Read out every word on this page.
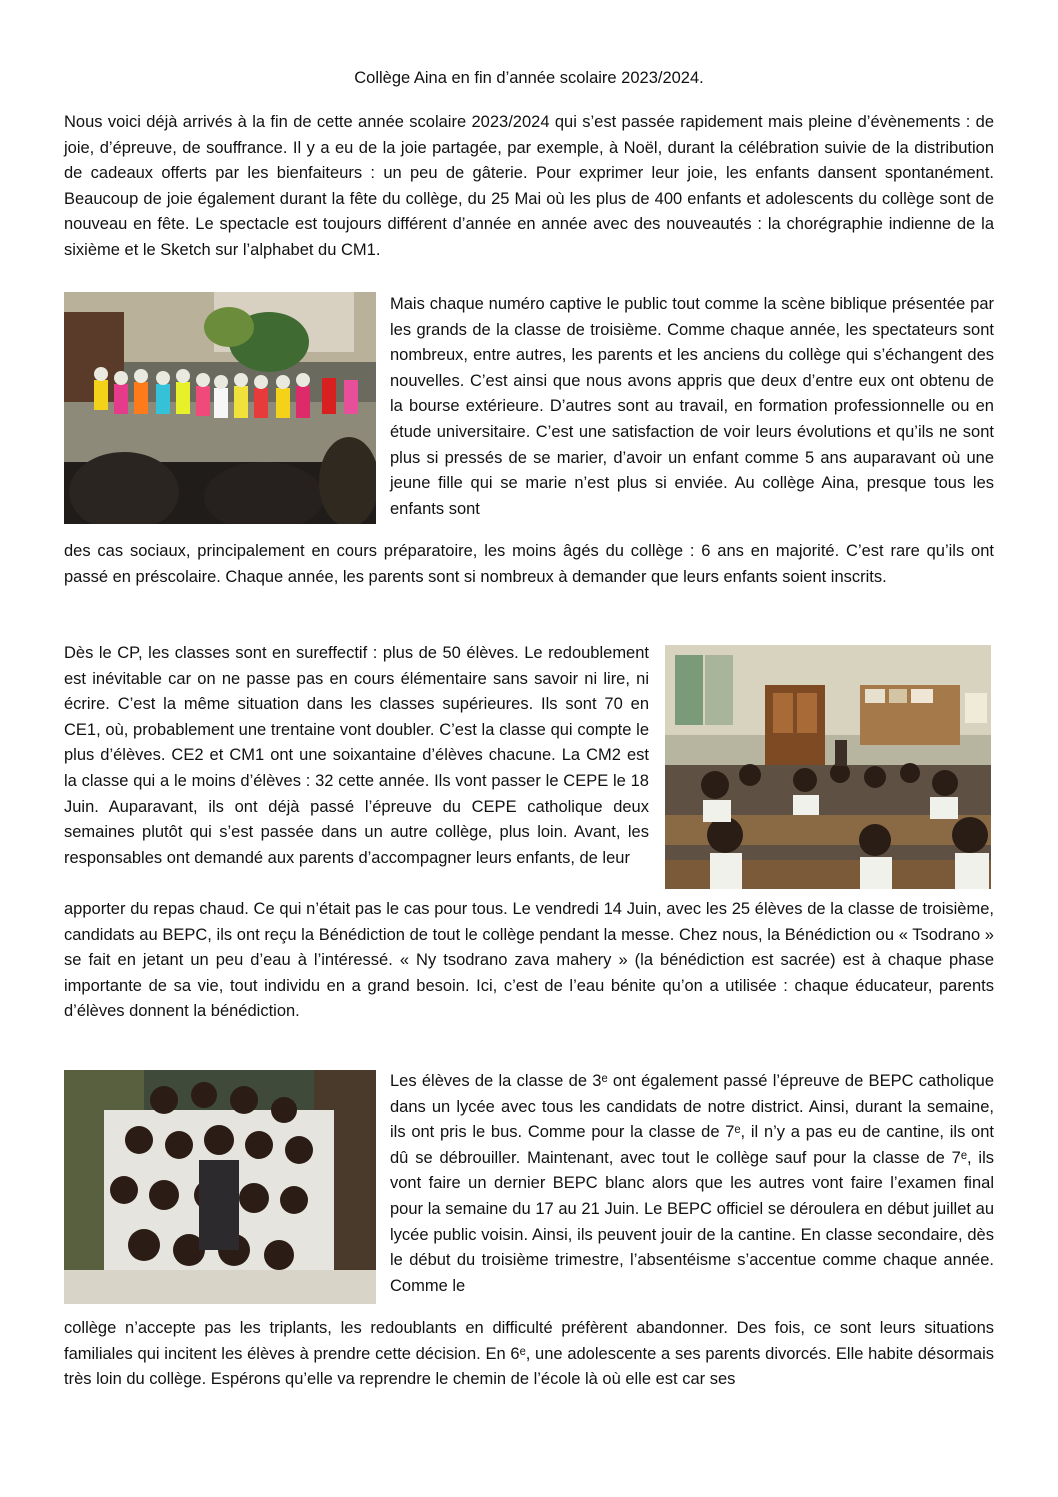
Collège Aina en fin d’année scolaire 2023/2024.
Nous voici déjà arrivés à la fin de cette année scolaire 2023/2024 qui s’est passée rapidement mais pleine d’évènements : de joie, d’épreuve, de souffrance. Il y a eu de la joie partagée, par exemple, à Noël, durant la célébration suivie de la distribution de cadeaux offerts par les bienfaiteurs : un peu de gâterie. Pour exprimer leur joie, les enfants dansent spontanément. Beaucoup de joie également durant la fête du collège, du 25 Mai où les plus de 400 enfants et adolescents du collège sont de nouveau en fête. Le spectacle est toujours différent d’année en année avec des nouveautés : la chorégraphie indienne de la sixième et le Sketch sur l’alphabet du CM1.
Mais chaque numéro captive le public tout comme la scène biblique présentée par les grands de la classe de troisième. Comme chaque année, les spectateurs sont nombreux, entre autres, les parents et les anciens du collège qui s’échangent des nouvelles. C’est ainsi que nous avons appris que deux d’entre eux ont obtenu de la bourse extérieure. D’autres sont au travail, en formation professionnelle ou en étude universitaire. C’est une satisfaction de voir leurs évolutions et qu’ils ne sont plus si pressés de se marier, d’avoir un enfant comme 5 ans auparavant où une jeune fille qui se marie n’est plus si enviée. Au collège Aina, presque tous les enfants sont
des cas sociaux, principalement en cours préparatoire, les moins âgés du collège : 6 ans en majorité. C’est rare qu’ils ont passé en préscolaire. Chaque année, les parents sont si nombreux à demander que leurs enfants soient inscrits.
Dès le CP, les classes sont en sureffectif : plus de 50 élèves. Le redoublement est inévitable car on ne passe pas en cours élémentaire sans savoir ni lire, ni écrire. C’est la même situation dans les classes supérieures. Ils sont 70 en CE1, où, probablement une trentaine vont doubler. C’est la classe qui compte le plus d’élèves. CE2 et CM1 ont une soixantaine d’élèves chacune. La CM2 est la classe qui a le moins d’élèves : 32 cette année. Ils vont passer le CEPE le 18 Juin. Auparavant, ils ont déjà passé l’épreuve du CEPE catholique deux semaines plutôt qui s’est passée dans un autre collège, plus loin. Avant, les responsables ont demandé aux parents d’accompagner leurs enfants, de leur
apporter du repas chaud. Ce qui n’était pas le cas pour tous. Le vendredi 14 Juin, avec les 25 élèves de la classe de troisième, candidats au BEPC, ils ont reçu la Bénédiction de tout le collège pendant la messe. Chez nous, la Bénédiction ou « Tsodrano » se fait en jetant un peu d’eau à l’intéressé. « Ny tsodrano zava mahery » (la bénédiction est sacrée) est à chaque phase importante de sa vie, tout individu en a grand besoin. Ici, c’est de l’eau bénite qu’on a utilisée : chaque éducateur, parents d’élèves donnent la bénédiction.
Les élèves de la classe de 3ᵉ ont également passé l’épreuve de BEPC catholique dans un lycée avec tous les candidats de notre district. Ainsi, durant la semaine, ils ont pris le bus. Comme pour la classe de 7ᵉ, il n’y a pas eu de cantine, ils ont dû se débrouiller. Maintenant, avec tout le collège sauf pour la classe de 7ᵉ, ils vont faire un dernier BEPC blanc alors que les autres vont faire l’examen final pour la semaine du 17 au 21 Juin. Le BEPC officiel se déroulera en début juillet au lycée public voisin. Ainsi, ils peuvent jouir de la cantine. En classe secondaire, dès le début du troisième trimestre, l’absentéisme s’accentue comme chaque année. Comme le
collège n’accepte pas les triplants, les redoublants en difficulté préfèrent abandonner. Des fois, ce sont leurs situations familiales qui incitent les élèves à prendre cette décision. En 6ᵉ, une adolescente a ses parents divorcés. Elle habite désormais très loin du collège. Espérons qu’elle va reprendre le chemin de l’école là où elle est car ses
